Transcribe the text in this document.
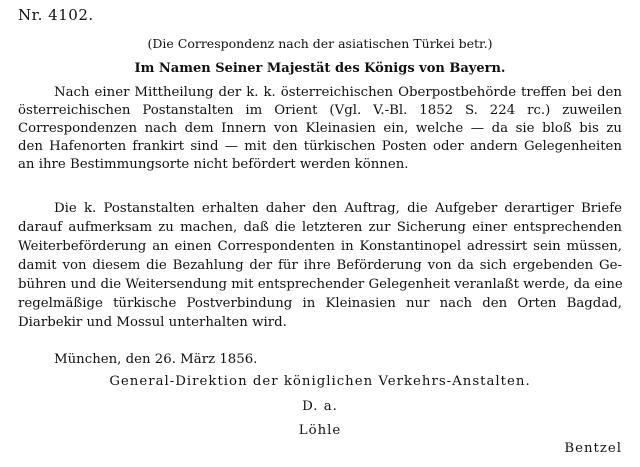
Nr. 4102.
(Die Correspondenz nach der asiatischen Türkei betr.)
Im Namen Seiner Majestät des Königs von Bayern.
Nach einer Mittheilung der k. k. österreichischen Oberpostbehörde treffen bei den
österreichischen Postanstalten im Orient (Vgl. V.-Bl. 1852 S. 224 rc.) zuweilen
Correspondenzen nach dem Innern von Kleinasien ein, welche — da sie bloß bis zu
den Hafenorten frankirt sind — mit den türkischen Posten oder andern Gelegenheiten
an ihre Bestimmungsorte nicht befördert werden können.
Die k. Postanstalten erhalten daher den Auftrag, die Aufgeber derartiger Briefe
darauf aufmerksam zu machen, daß die letzteren zur Sicherung einer entsprechenden
Weiterbeförderung an einen Correspondenten in Konstantinopel adressirt sein müssen,
damit von diesem die Bezahlung der für ihre Beförderung von da sich ergebenden Ge-
bühren und die Weitersendung mit entsprechender Gelegenheit veranlaßt werde, da eine
regelmäßige türkische Postverbindung in Kleinasien nur nach den Orten Bagdad,
Diarbekir und Mossul unterhalten wird.
München, den 26. März 1856.
General-Direktion der königlichen Verkehrs-Anstalten.
D. a.
Löhle
Bentzel
